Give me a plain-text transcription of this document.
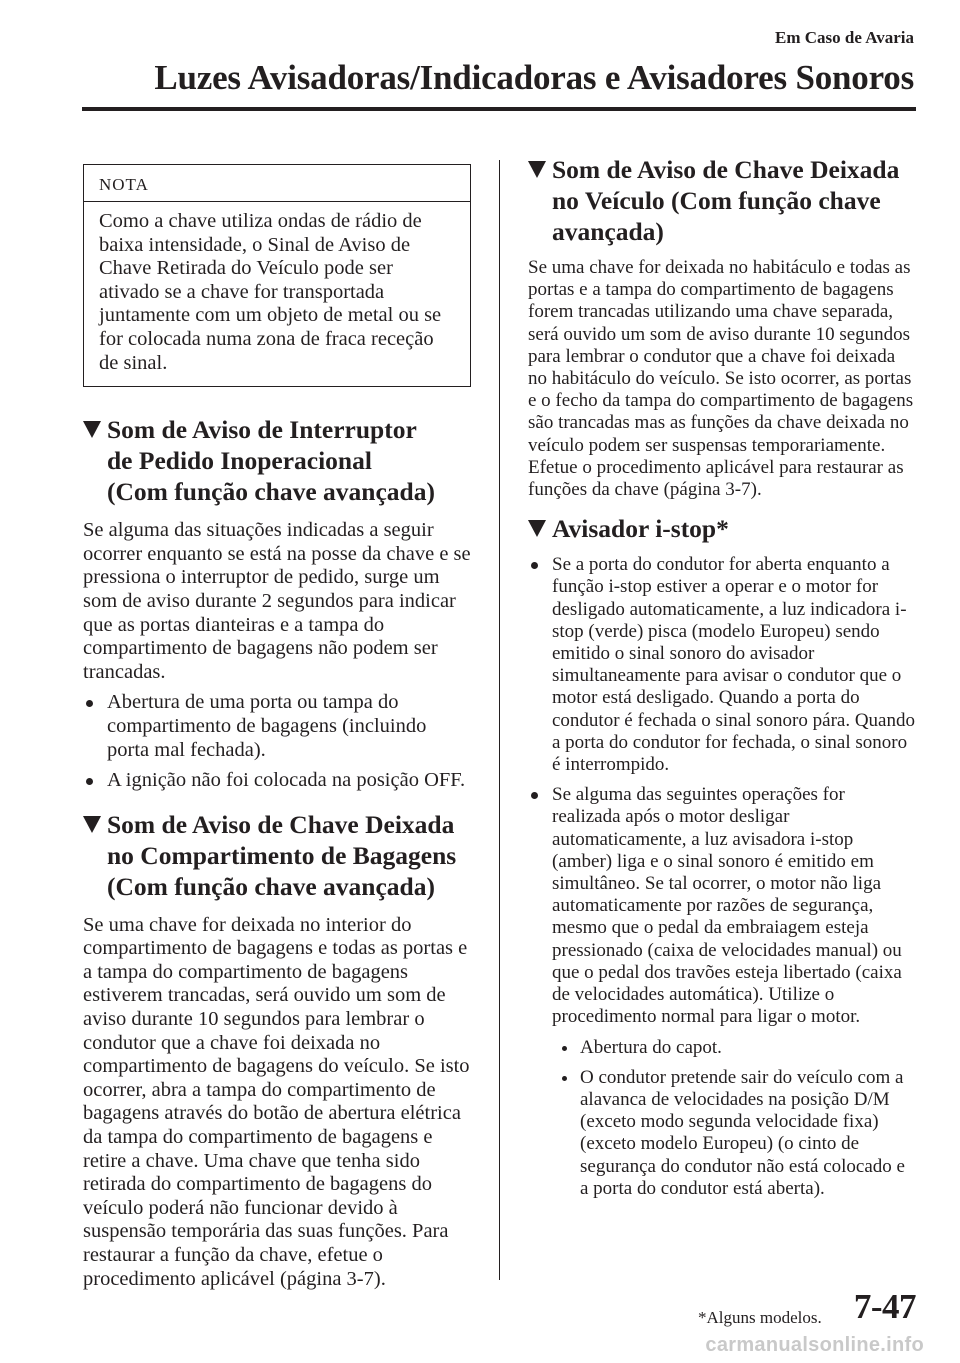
Em Caso de Avaria
Luzes Avisadoras/Indicadoras e Avisadores Sonoros
NOTA
Como a chave utiliza ondas de rádio de baixa intensidade, o Sinal de Aviso de Chave Retirada do Veículo pode ser ativado se a chave for transportada juntamente com um objeto de metal ou se for colocada numa zona de fraca receção de sinal.
Som de Aviso de Interruptor
de Pedido Inoperacional
(Com função chave avançada)

Se alguma das situações indicadas a seguir ocorrer enquanto se está na posse da chave e se pressiona o interruptor de pedido, surge um som de aviso durante 2 segundos para indicar que as portas dianteiras e a tampa do compartimento de bagagens não podem ser trancadas.

Abertura de uma porta ou tampa do compartimento de bagagens (incluindo porta mal fechada).
A ignição não foi colocada na posição OFF.
Som de Aviso de Chave Deixada
no Compartimento de Bagagens
(Com função chave avançada)

Se uma chave for deixada no interior do compartimento de bagagens e todas as portas e a tampa do compartimento de bagagens estiverem trancadas, será ouvido um som de aviso durante 10 segundos para lembrar o condutor que a chave foi deixada no compartimento de bagagens do veículo. Se isto ocorrer, abra a tampa do compartimento de bagagens através do botão de abertura elétrica da tampa do compartimento de bagagens e retire a chave. Uma chave que tenha sido retirada do compartimento de bagagens do veículo poderá não funcionar devido à suspensão temporária das suas funções. Para restaurar a função da chave, efetue o procedimento aplicável (página 3-7).

Som de Aviso de Chave Deixada
no Veículo (Com função chave
avançada)

Se uma chave for deixada no habitáculo e todas as portas e a tampa do compartimento de bagagens forem trancadas utilizando uma chave separada, será ouvido um som de aviso durante 10 segundos para lembrar o condutor que a chave foi deixada no habitáculo do veículo. Se isto ocorrer, as portas e o fecho da tampa do compartimento de bagagens são trancadas mas as funções da chave deixada no veículo podem ser suspensas temporariamente.

Efetue o procedimento aplicável para restaurar as funções da chave (página 3-7).

Avisador i-stop*
Se a porta do condutor for aberta enquanto a função i-stop estiver a operar e o motor for desligado automaticamente, a luz indicadora i-stop (verde) pisca (modelo Europeu) sendo emitido o sinal sonoro do avisador simultaneamente para avisar o condutor que o motor está desligado. Quando a porta do condutor é fechada o sinal sonoro pára. Quando a porta do condutor for fechada, o sinal sonoro é interrompido.
Se alguma das seguintes operações for realizada após o motor desligar automaticamente, a luz avisadora i-stop (amber) liga e o sinal sonoro é emitido em simultâneo. Se tal ocorrer, o motor não liga automaticamente por razões de segurança, mesmo que o pedal da embraiagem esteja pressionado (caixa de velocidades manual) ou que o pedal dos travões esteja libertado (caixa de velocidades automática). Utilize o procedimento normal para ligar o motor.
Abertura do capot.
O condutor pretende sair do veículo com a alavanca de velocidades na posição D/M (exceto modo segunda velocidade fixa) (exceto modelo Europeu) (o cinto de segurança do condutor não está colocado e a porta do condutor está aberta).
*Alguns modelos. 7-47
carmanualsonline.info
